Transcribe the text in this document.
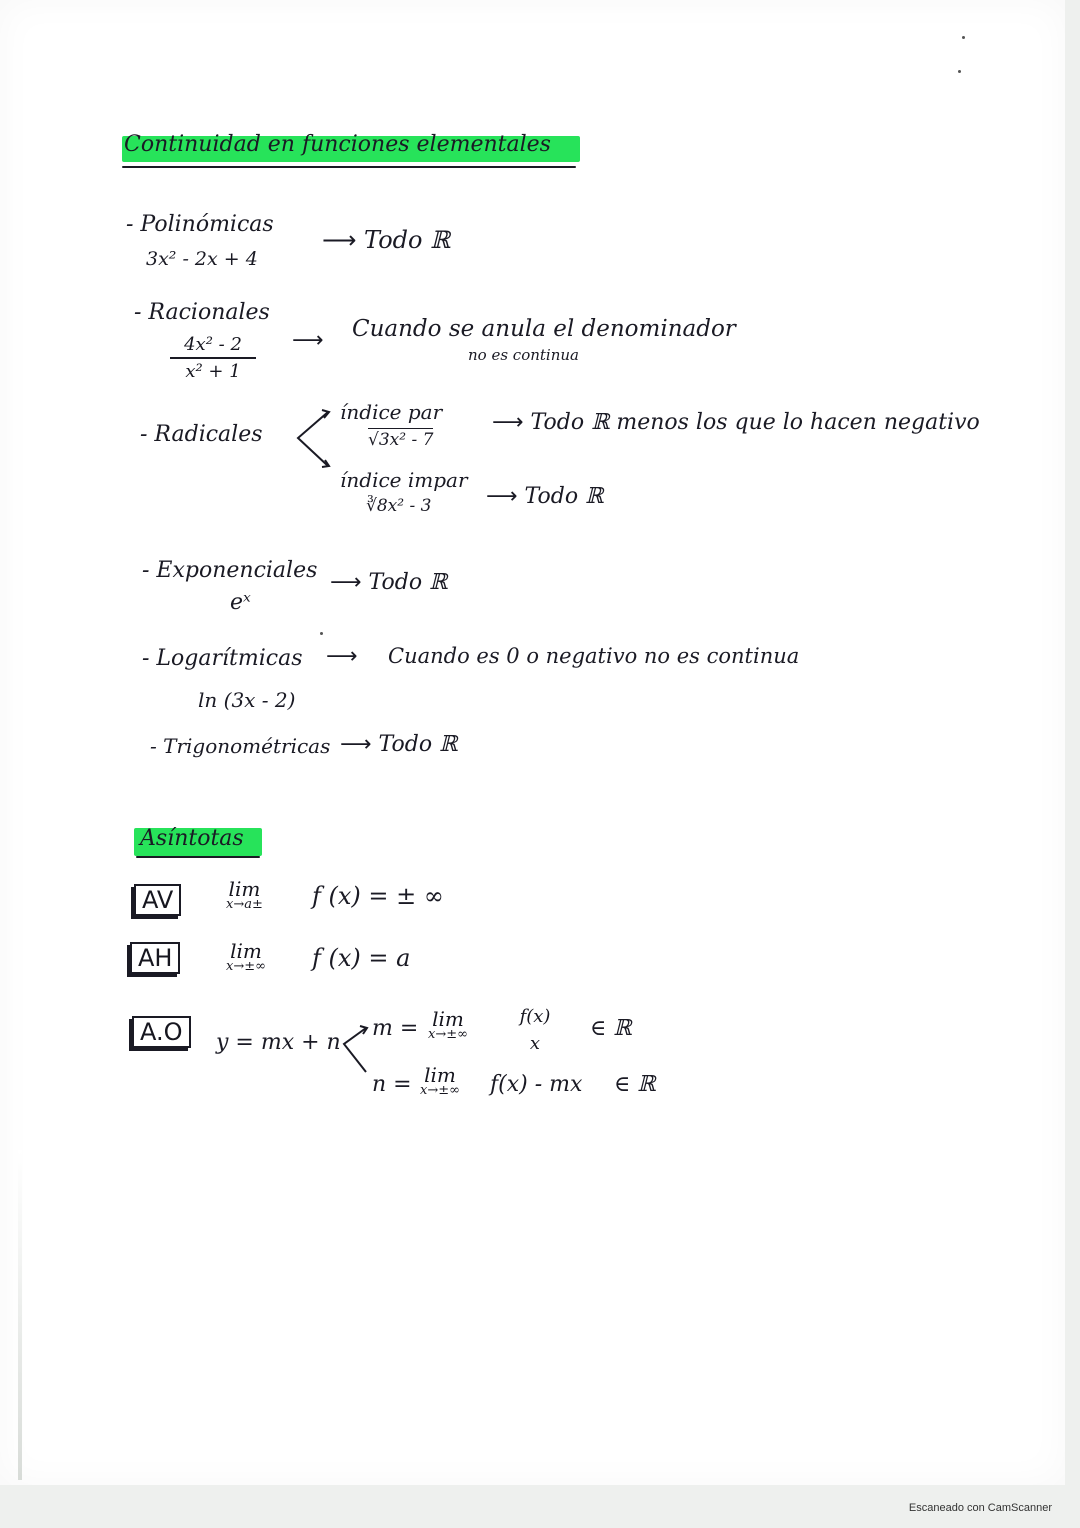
Continuidad en funciones elementales
- Polinómicas
3x² - 2x + 4
⟶ Todo ℝ
- Racionales
4x² - 2
x² + 1
⟶ Cuando se anula el denominador
no es continua
- Radicales
índice par
√3x² - 7
⟶ Todo ℝ menos los que lo hacen negativo
índice impar
∛8x² - 3 ⟶ Todo ℝ
- Exponenciales
eˣ
⟶ Todo ℝ
- Logarítmicas ⟶ Cuando es 0 o negativo no es continua
ln (3x - 2)
- Trigonométricas ⟶ Todo ℝ
Asíntotas
AV	lim
x→a± f (x) = ± ∞
AH	lim
x→±∞ f (x) = a
A.O	y = mx + n
m = lim
x→±∞
f(x)
x
∈ ℝ
n = lim
x→±∞ f(x) - mx ∈ ℝ
Escaneado con CamScanner
